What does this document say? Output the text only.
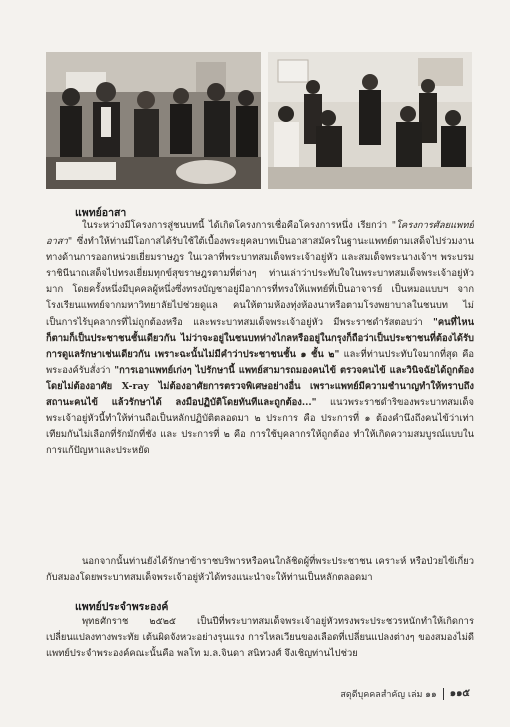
แพทย์อาสา

ในระหว่างมีโครงการสู่ชนบทนี้ ได้เกิดโครงการเชื่อคือโครงการหนึ่ง เรียกว่า "โครงการศัลยแพทย์อาสา" ซึ่งทำให้ท่านมีโอกาสได้รับใช้ใต้เบื้องพระยุคลบาทเป็นอาสาสมัครในฐานะแพทย์ตามเสด็จไปร่วมงานทางด้านการออกหน่วยเยี่ยมราษฎร ในเวลาที่พระบาทสมเด็จพระเจ้าอยู่หัว และสมเด็จพระนางเจ้าฯ พระบรมราชินีนาถเสด็จไปทรงเยี่ยมทุกข์สุขราษฎรตามที่ต่างๆ ท่านเล่าว่าประทับใจในพระบาทสมเด็จพระเจ้าอยู่หัวมาก โดยครั้งหนึ่งมีบุคคลผู้หนึ่งซึ่งทรงบัญชาอยู่มีอาการที่ทรงให้แพทย์ที่เป็นอาจารย์ เป็นหมอแบบฯ จากโรงเรียนแพทย์จากมหาวิทยาลัยไปช่วยดูแล คนให้ตามห้องทุ่งห้องนาหรือตามโรงพยาบาลในชนบท ไม่เป็นการไร้บุคลากรที่ไม่ถูกต้องหรือ และพระบาทสมเด็จพระเจ้าอยู่หัว มีพระราชดำรัสตอบว่า "คนที่ไหนก็ตามก็เป็นประชาชนชั้นเดียวกัน ไม่ว่าจะอยู่ในชนบทห่างไกลหรืออยู่ในกรุงก็ถือว่าเป็นประชาชนที่ต้องได้รับการดูแลรักษาเช่นเดียวกัน เพราะฉะนั้นไม่มีคำว่าประชาชนชั้น ๑ ชั้น ๒" และที่ท่านประทับใจมากที่สุด คือพระองค์รับสั่งว่า "การเอาแพทย์เก่งๆ ไปรักษานี้ แพทย์สามารถมองคนไข้ ตรวจคนไข้ และวินิจฉัยได้ถูกต้องโดยไม่ต้องอาศัย X-ray ไม่ต้องอาศัยการตรวจพิเศษอย่างอื่น เพราะแพทย์มีความชำนาญทำให้ทราบถึงสถานะคนไข้ แล้วรักษาได้ ลงมือปฏิบัติโดยทันทีและถูกต้อง..." แนวพระราชดำริของพระบาทสมเด็จพระเจ้าอยู่หัวนี้ทำให้ท่านถือเป็นหลักปฏิบัติตลอดมา ๒ ประการ คือ ประการที่ ๑ ต้องคำนึงถึงคนไข้ว่าเท่าเทียมกันไม่เลือกที่รักมักที่ชัง และ ประการที่ ๒ คือ การใช้บุคลากรให้ถูกต้อง ทำให้เกิดความสมบูรณ์แบบในการแก้ปัญหาและประหยัด

นอกจากนั้นท่านยังได้รักษาข้าราชบริพารหรือคนใกล้ชิดผู้ที่พระประชาชน เคราะห์ หรือป่วยไข้เกี่ยวกับสมองโดยพระบาทสมเด็จพระเจ้าอยู่หัวได้ทรงแนะนำจะให้ท่านเป็นหลักตลอดมา

แพทย์ประจำพระองค์

พุทธศักราช ๒๕๒๕ เป็นปีที่พระบาทสมเด็จพระเจ้าอยู่หัวทรงพระประชวรหนักทำให้เกิดการเปลี่ยนแปลงทางพระทัย เต้นผิดจังหวะอย่างรุนแรง การไหลเวียนของเลือดที่เปลี่ยนแปลงต่างๆ ของสมองไม่ดี แพทย์ประจำพระองค์คณะนั้นคือ พลโท ม.ล.จินดา สนิทวงศ์ จึงเชิญท่านไปช่วย

สดุดีบุคคลสำคัญ เล่ม ๑๑ ๑๑๕
